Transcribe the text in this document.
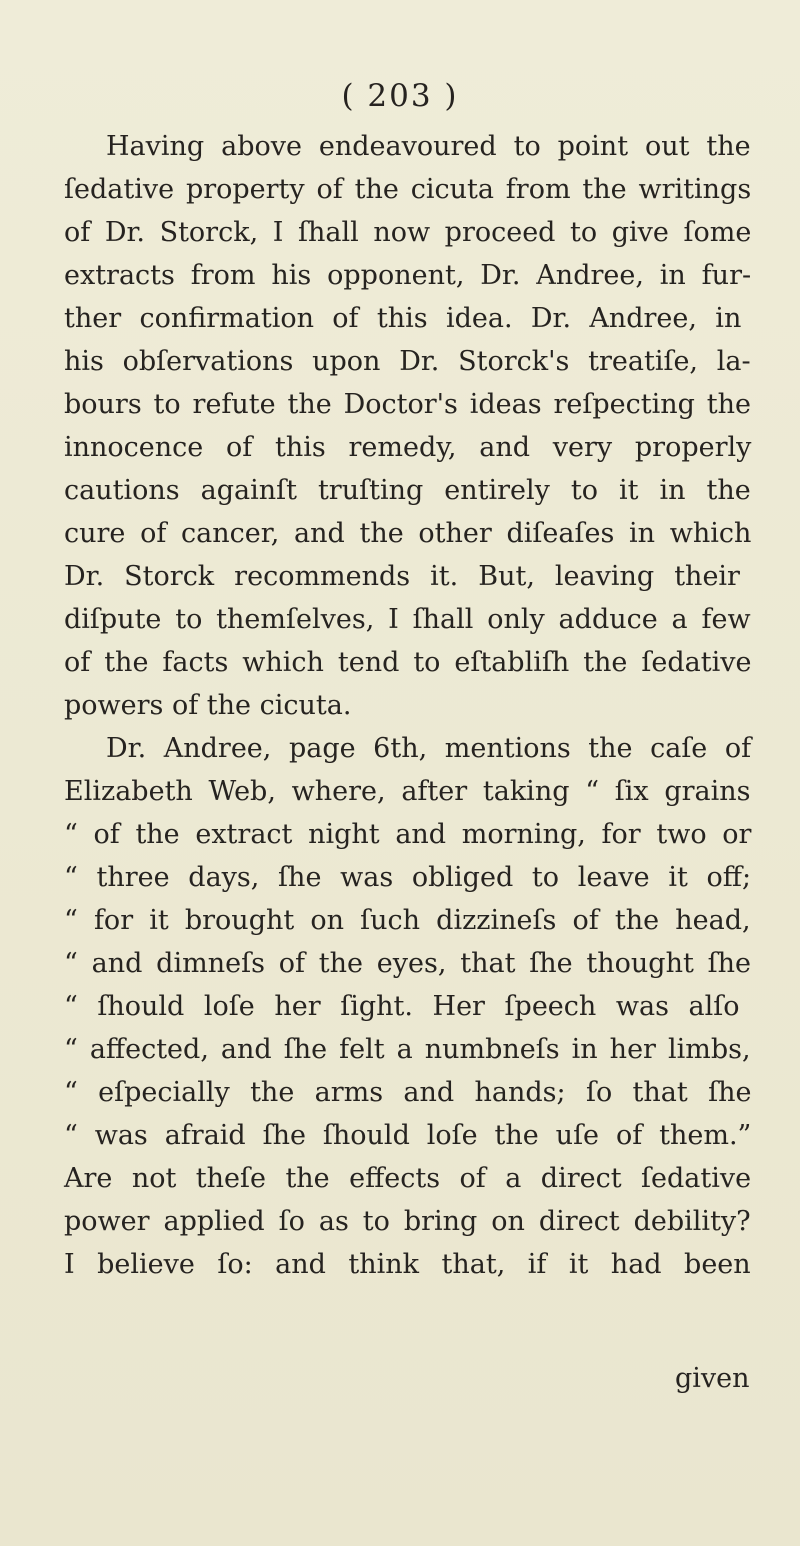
( 203 )
Having above endeavoured to point out the
ſedative property of the cicuta from the writings
of Dr. Storck, I ſhall now proceed to give ſome
extracts from his opponent, Dr. Andree, in fur-
ther confirmation of this idea. Dr. Andree, in
his obſervations upon Dr. Storck's treatiſe, la-
bours to refute the Doctor's ideas reſpecting the
innocence of this remedy, and very properly
cautions againſt truſting entirely to it in the
cure of cancer, and the other diſeaſes in which
Dr. Storck recommends it. But, leaving their
diſpute to themſelves, I ſhall only adduce a few
of the facts which tend to eſtabliſh the ſedative
powers of the cicuta.
Dr. Andree, page 6th, mentions the caſe of
Elizabeth Web, where, after taking “ ſix grains
“ of the extract night and morning, for two or
“ three days, ſhe was obliged to leave it off;
“ for it brought on ſuch dizzineſs of the head,
“ and dimneſs of the eyes, that ſhe thought ſhe
“ ſhould loſe her ſight. Her ſpeech was alſo
“ affected, and ſhe felt a numbneſs in her limbs,
“ eſpecially the arms and hands; ſo that ſhe
“ was afraid ſhe ſhould loſe the uſe of them.”
Are not theſe the effects of a direct ſedative
power applied ſo as to bring on direct debility?
I believe ſo: and think that, if it had been
given
